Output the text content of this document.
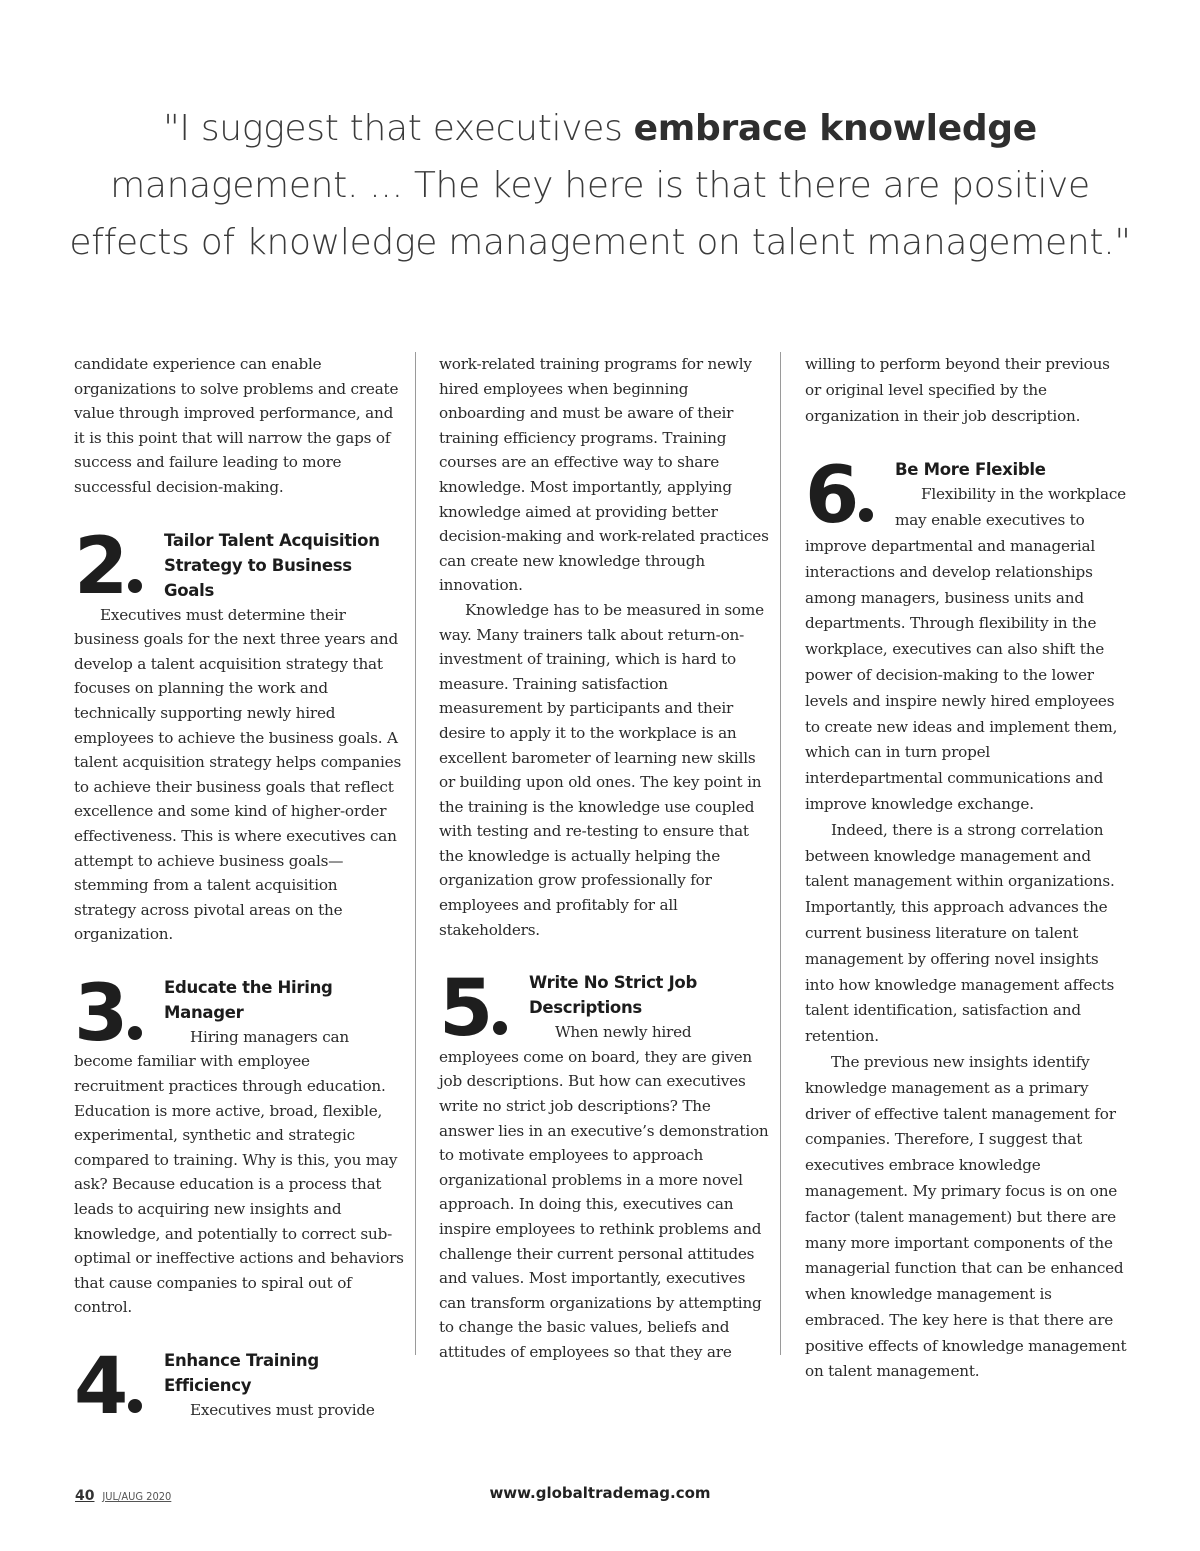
"I suggest that executives embrace knowledge management. ... The key here is that there are positive effects of knowledge management on talent management."

candidate experience can enable organizations to solve problems and create value through improved performance, and it is this point that will narrow the gaps of success and failure leading to more successful decision-making.

2	Tailor Talent Acquisition Strategy to Business Goals

Executives must determine their business goals for the next three years and develop a talent acquisition strategy that focuses on planning the work and technically supporting newly hired employees to achieve the business goals. A talent acquisition strategy helps companies to achieve their business goals that reflect excellence and some kind of higher-order effectiveness. This is where executives can attempt to achieve business goals—stemming from a talent acquisition strategy across pivotal areas on the organization.

3	Educate the Hiring Manager

Hiring managers can become familiar with employee recruitment practices through education. Education is more active, broad, flexible, experimental, synthetic and strategic compared to training. Why is this, you may ask? Because education is a process that leads to acquiring new insights and knowledge, and potentially to correct sub-optimal or ineffective actions and behaviors that cause companies to spiral out of control.

4	Enhance Training Efficiency

Executives must provide

work-related training programs for newly hired employees when beginning onboarding and must be aware of their training efficiency programs. Training courses are an effective way to share knowledge. Most importantly, applying knowledge aimed at providing better decision-making and work-related practices can create new knowledge through innovation.

Knowledge has to be measured in some way. Many trainers talk about return-on-investment of training, which is hard to measure. Training satisfaction measurement by participants and their desire to apply it to the workplace is an excellent barometer of learning new skills or building upon old ones. The key point in the training is the knowledge use coupled with testing and re-testing to ensure that the knowledge is actually helping the organization grow professionally for employees and profitably for all stakeholders.

5	Write No Strict Job Descriptions

When newly hired employees come on board, they are given job descriptions. But how can executives write no strict job descriptions? The answer lies in an executive’s demonstration to motivate employees to approach organizational problems in a more novel approach. In doing this, executives can inspire employees to rethink problems and challenge their current personal attitudes and values. Most importantly, executives can transform organizations by attempting to change the basic values, beliefs and attitudes of employees so that they are

willing to perform beyond their previous or original level specified by the organization in their job description.

6	Be More Flexible

Flexibility in the workplace may enable executives to improve departmental and managerial interactions and develop relationships among managers, business units and departments. Through flexibility in the workplace, executives can also shift the power of decision-making to the lower levels and inspire newly hired employees to create new ideas and implement them, which can in turn propel interdepartmental communications and improve knowledge exchange.

Indeed, there is a strong correlation between knowledge management and talent management within organizations. Importantly, this approach advances the current business literature on talent management by offering novel insights into how knowledge management affects talent identification, satisfaction and retention.

The previous new insights identify knowledge management as a primary driver of effective talent management for companies. Therefore, I suggest that executives embrace knowledge management. My primary focus is on one factor (talent management) but there are many more important components of the managerial function that can be enhanced when knowledge management is embraced. The key here is that there are positive effects of knowledge management on talent management.

40 JUL/AUG 2020	www.globaltrademag.com
